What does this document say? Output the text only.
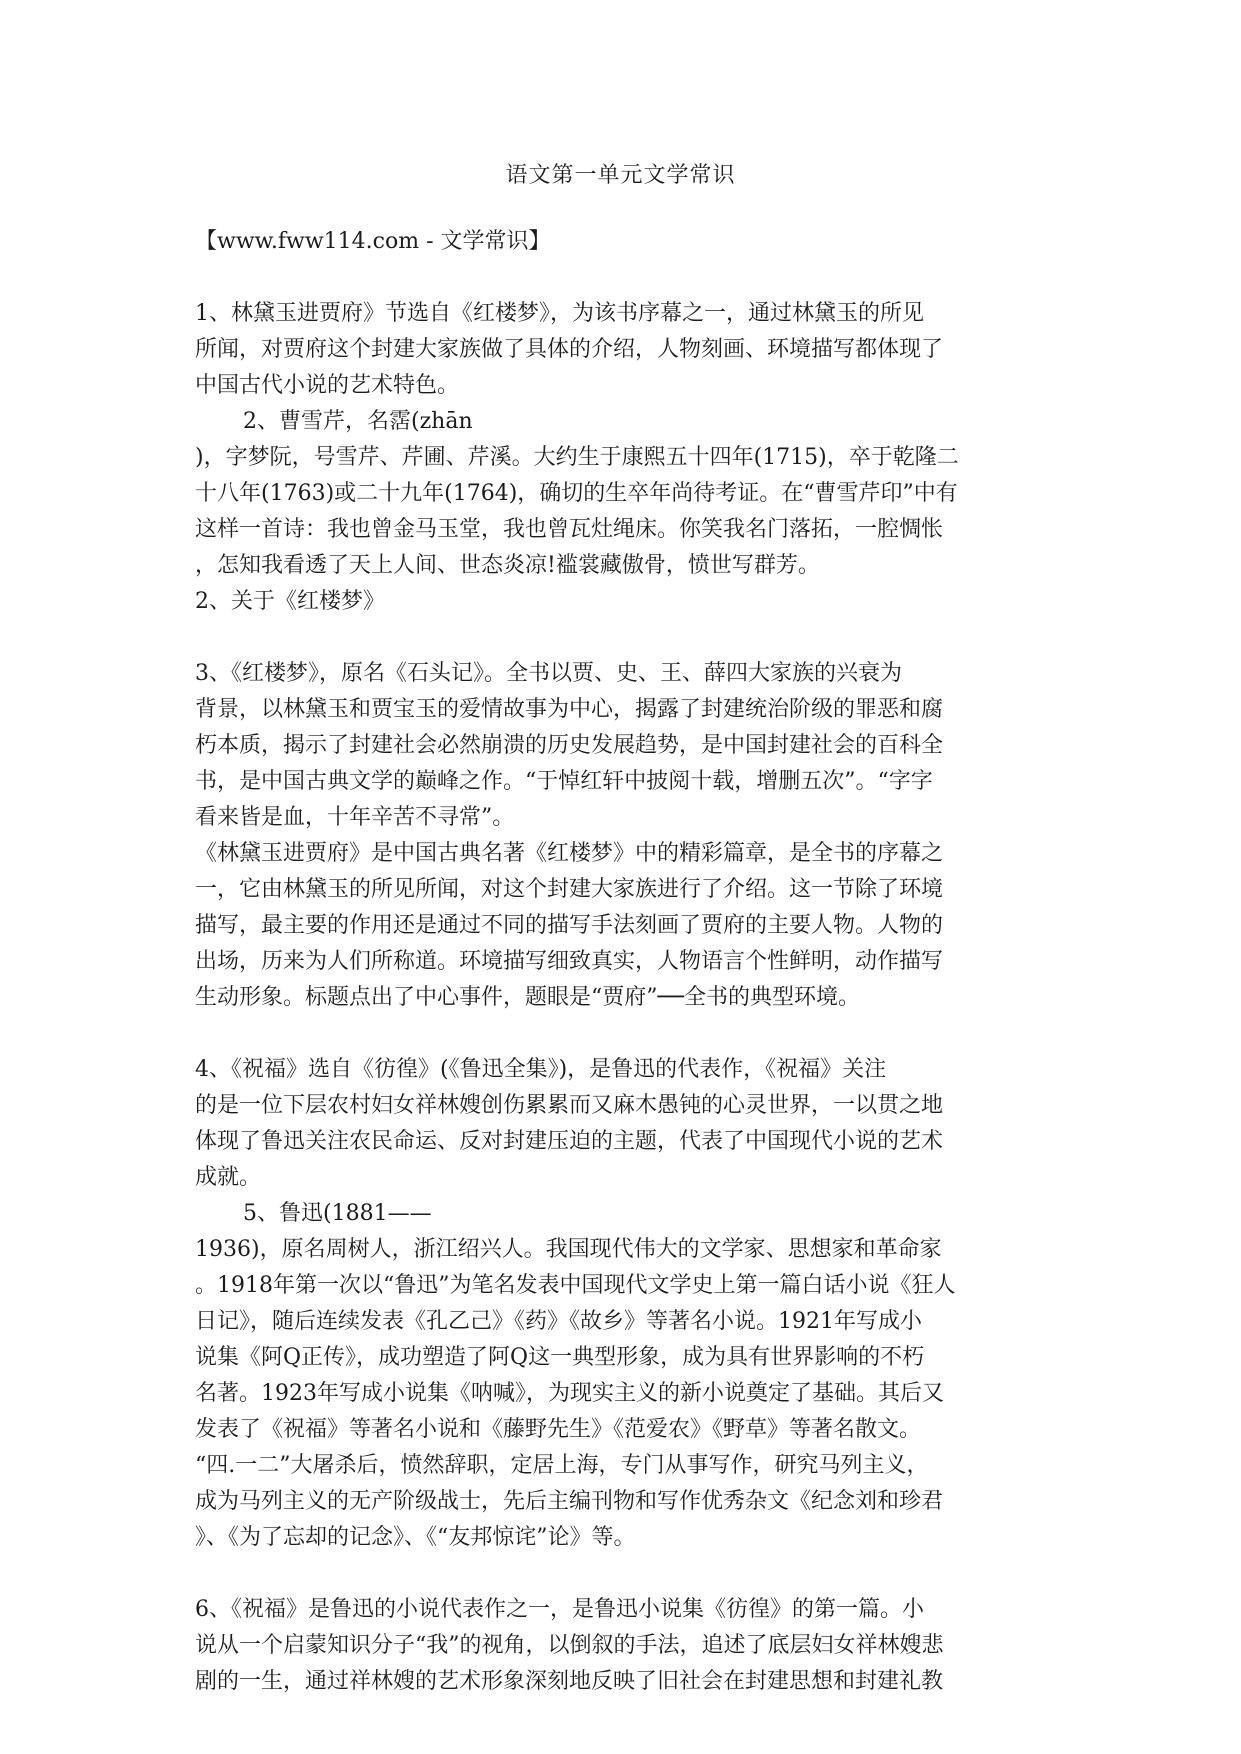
语文第一单元文学常识
【www.fww114.com - 文学常识】
1、林黛玉进贾府》节选自《红楼梦》，为该书序幕之一，通过林黛玉的所见
所闻，对贾府这个封建大家族做了具体的介绍，人物刻画、环境描写都体现了
中国古代小说的艺术特色。
2、曹雪芹，名霑(zhān
)，字梦阮，号雪芹、芹圃、芹溪。大约生于康熙五十四年(1715)，卒于乾隆二
十八年(1763)或二十九年(1764)，确切的生卒年尚待考证。在“曹雪芹印”中有
这样一首诗：我也曾金马玉堂，我也曾瓦灶绳床。你笑我名门落拓，一腔惆怅
，怎知我看透了天上人间、世态炎凉!褴裳藏傲骨，愤世写群芳。
2、关于《红楼梦》
3、《红楼梦》，原名《石头记》。全书以贾、史、王、薛四大家族的兴衰为
背景，以林黛玉和贾宝玉的爱情故事为中心，揭露了封建统治阶级的罪恶和腐
朽本质，揭示了封建社会必然崩溃的历史发展趋势，是中国封建社会的百科全
书，是中国古典文学的巅峰之作。“于悼红轩中披阅十载，增删五次”。“字字
看来皆是血，十年辛苦不寻常”。
《林黛玉进贾府》是中国古典名著《红楼梦》中的精彩篇章，是全书的序幕之
一，它由林黛玉的所见所闻，对这个封建大家族进行了介绍。这一节除了环境
描写，最主要的作用还是通过不同的描写手法刻画了贾府的主要人物。人物的
出场，历来为人们所称道。环境描写细致真实，人物语言个性鲜明，动作描写
生动形象。标题点出了中心事件，题眼是“贾府”──全书的典型环境。
4、《祝福》选自《彷徨》(《鲁迅全集》)，是鲁迅的代表作，《祝福》关注
的是一位下层农村妇女祥林嫂创伤累累而又麻木愚钝的心灵世界，一以贯之地
体现了鲁迅关注农民命运、反对封建压迫的主题，代表了中国现代小说的艺术
成就。
5、鲁迅(1881——
1936)，原名周树人，浙江绍兴人。我国现代伟大的文学家、思想家和革命家
。1918年第一次以“鲁迅”为笔名发表中国现代文学史上第一篇白话小说《狂人
日记》，随后连续发表《孔乙己》《药》《故乡》等著名小说。1921年写成小
说集《阿Q正传》，成功塑造了阿Q这一典型形象，成为具有世界影响的不朽
名著。1923年写成小说集《呐喊》，为现实主义的新小说奠定了基础。其后又
发表了《祝福》等著名小说和《藤野先生》《范爱农》《野草》等著名散文。
“四.一二”大屠杀后，愤然辞职，定居上海，专门从事写作，研究马列主义，
成为马列主义的无产阶级战士，先后主编刊物和写作优秀杂文《纪念刘和珍君
》、《为了忘却的记念》、《“友邦惊诧”论》等。
6、《祝福》是鲁迅的小说代表作之一，是鲁迅小说集《彷徨》的第一篇。小
说从一个启蒙知识分子“我”的视角，以倒叙的手法，追述了底层妇女祥林嫂悲
剧的一生，通过祥林嫂的艺术形象深刻地反映了旧社会在封建思想和封建礼教
